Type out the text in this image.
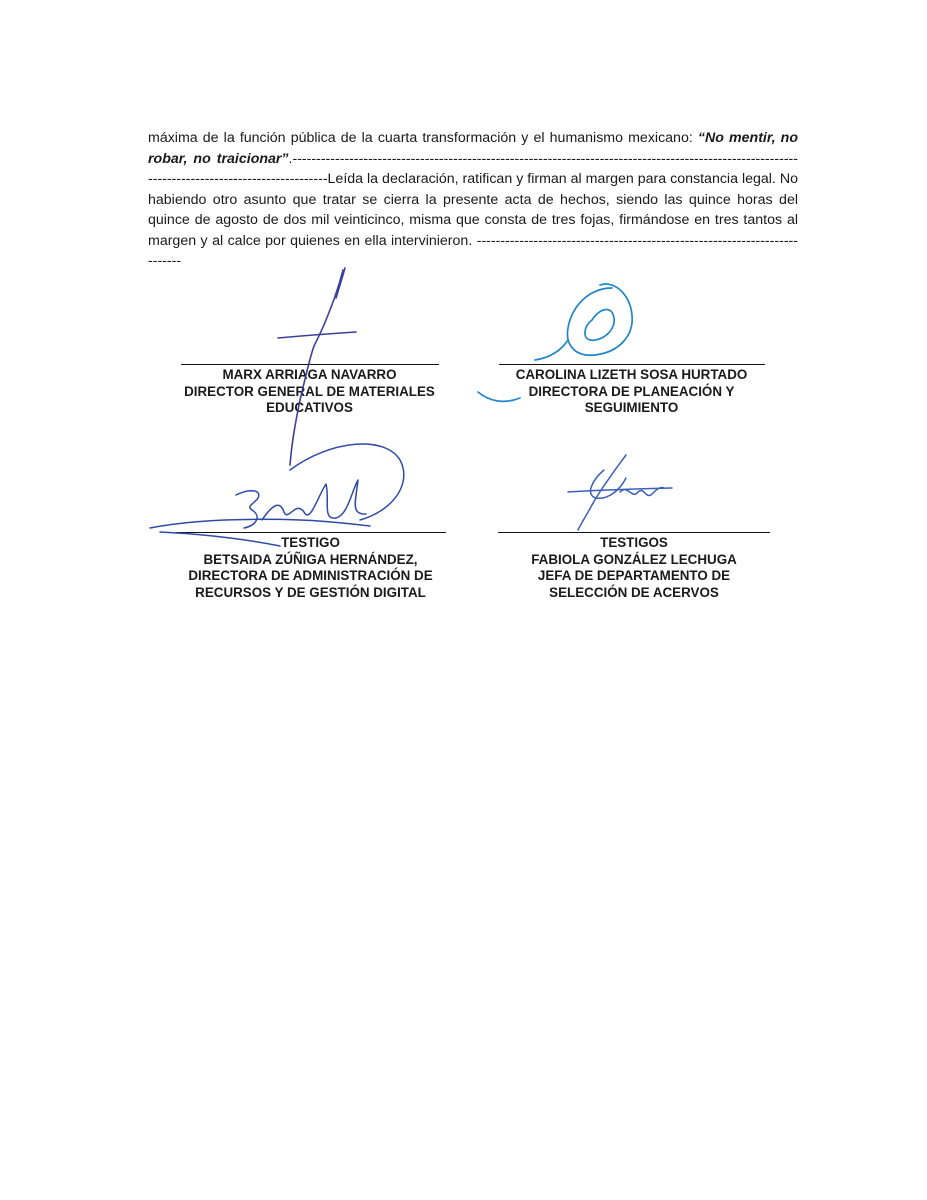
máxima de la función pública de la cuarta transformación y el humanismo mexicano: “No mentir, no robar, no traicionar”.-------------------------------------------------------------------------------------------------------------------------------------------------Leída la declaración, ratifican y firman al margen para constancia legal. No habiendo otro asunto que tratar se cierra la presente acta de hechos, siendo las quince horas del quince de agosto de dos mil veinticinco, misma que consta de tres fojas, firmándose en tres tantos al margen y al calce por quienes en ella intervinieron. ---------------------------------------------------------------------------

MARX ARRIAGA NAVARRO
DIRECTOR GENERAL DE MATERIALES
EDUCATIVOS
CAROLINA LIZETH SOSA HURTADO
DIRECTORA DE PLANEACIÓN Y
SEGUIMIENTO
TESTIGO
BETSAIDA ZÚÑIGA HERNÁNDEZ,
DIRECTORA DE ADMINISTRACIÓN DE
RECURSOS Y DE GESTIÓN DIGITAL
TESTIGOS
FABIOLA GONZÁLEZ LECHUGA
JEFA DE DEPARTAMENTO DE
SELECCIÓN DE ACERVOS
